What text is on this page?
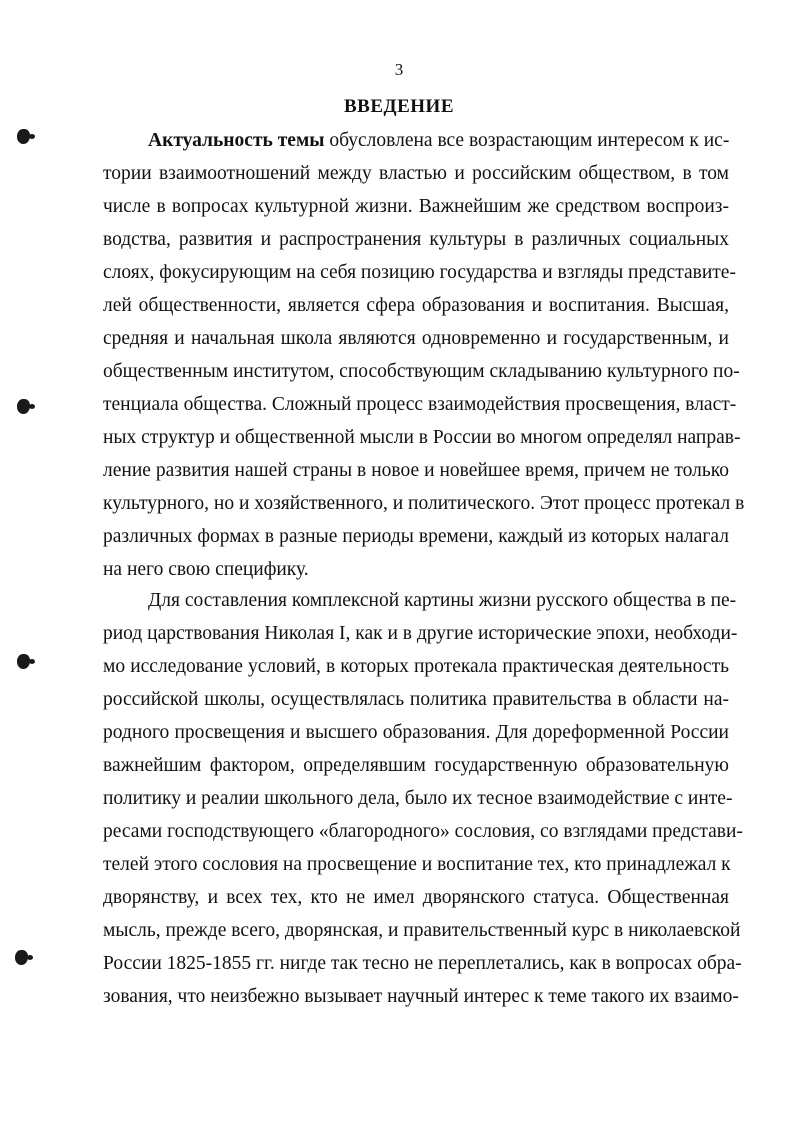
3
ВВЕДЕНИЕ
Актуальность темы обусловлена все возрастающим интересом к ис-
тории взаимоотношений между властью и российским обществом, в том
числе в вопросах культурной жизни. Важнейшим же средством воспроиз-
водства, развития и распространения культуры в различных социальных
слоях, фокусирующим на себя позицию государства и взгляды представите-
лей общественности, является сфера образования и воспитания. Высшая,
средняя и начальная школа являются одновременно и государственным, и
общественным институтом, способствующим складыванию культурного по-
тенциала общества. Сложный процесс взаимодействия просвещения, власт-
ных структур и общественной мысли в России во многом определял направ-
ление развития нашей страны в новое и новейшее время, причем не только
культурного, но и хозяйственного, и политического. Этот процесс протекал в
различных формах в разные периоды времени, каждый из которых налагал
на него свою специфику.
Для составления комплексной картины жизни русского общества в пе-
риод царствования Николая I, как и в другие исторические эпохи, необходи-
мо исследование условий, в которых протекала практическая деятельность
российской школы, осуществлялась политика правительства в области на-
родного просвещения и высшего образования. Для дореформенной России
важнейшим фактором, определявшим государственную образовательную
политику и реалии школьного дела, было их тесное взаимодействие с инте-
ресами господствующего «благородного» сословия, со взглядами представи-
телей этого сословия на просвещение и воспитание тех, кто принадлежал к
дворянству, и всех тех, кто не имел дворянского статуса. Общественная
мысль, прежде всего, дворянская, и правительственный курс в николаевской
России 1825-1855 гг. нигде так тесно не переплетались, как в вопросах обра-
зования, что неизбежно вызывает научный интерес к теме такого их взаимо-
